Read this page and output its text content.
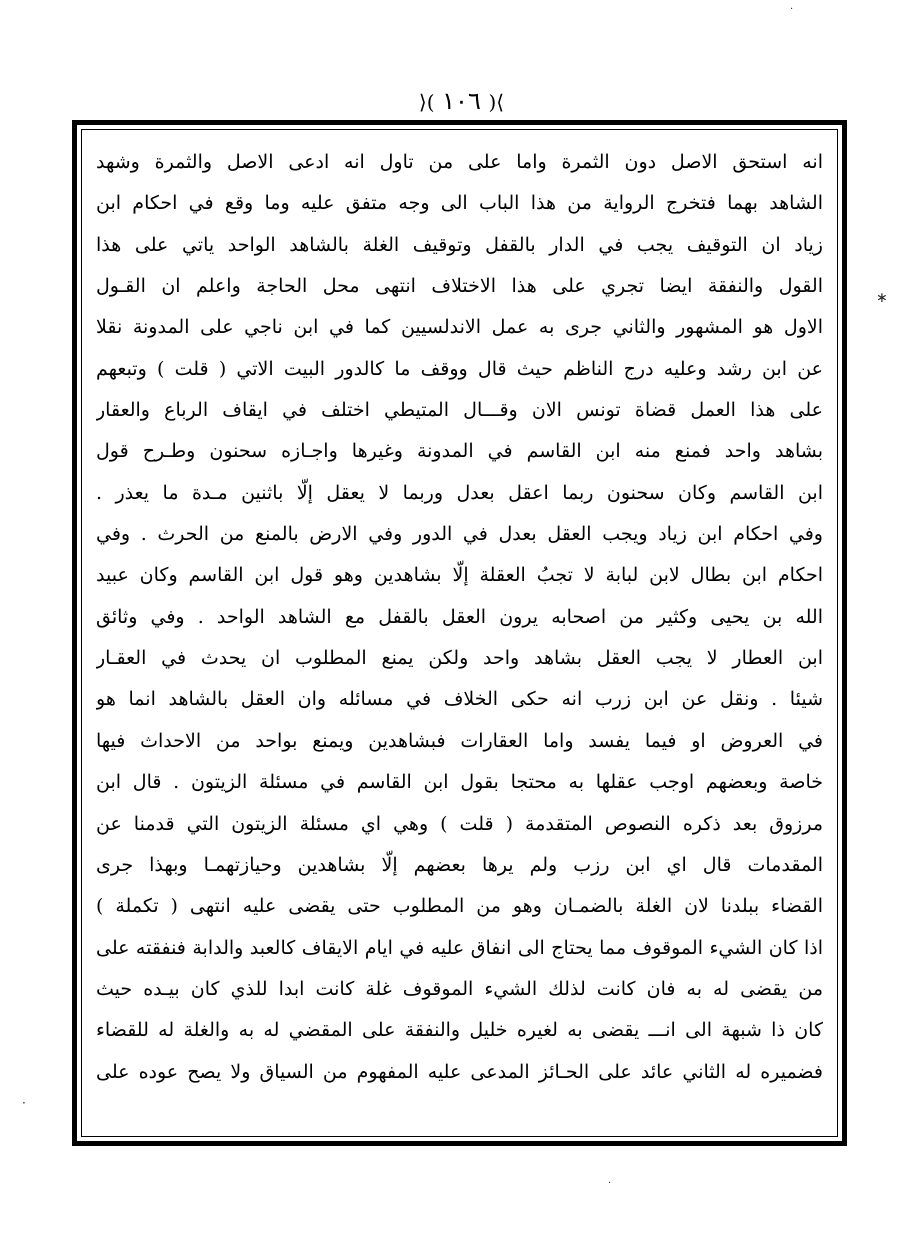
⟩( ١٠٦ )⟨
انه استحق الاصل دون الثمرة واما على من تاول انه ادعى الاصل والثمرة وشهد
الشاهد بهما فتخرج الرواية من هذا الباب الى وجه متفق عليه وما وقع في احكام ابن
زياد ان التوقيف يجب في الدار بالقفل وتوقيف الغلة بالشاهد الواحد ياتي على هذا
القول والنفقة ايضا تجري على هذا الاختلاف انتهى محل الحاجة واعلم ان القـول
الاول هو المشهور والثاني جرى به عمل الاندلسيين كما في ابن ناجي على المدونة نقلا
عن ابن رشد وعليه درج الناظم حيث قال ووقف ما كالدور البيت الاتي ( قلت ) وتبعهم
على هذا العمل قضاة تونس الان وقـــال المتيطي اختلف في ايقاف الرباع والعقار
بشاهد واحد فمنع منه ابن القاسم في المدونة وغيرها واجـازه سحنون وطـرح قول
ابن القاسم وكان سحنون ربما اعقل بعدل وربما لا يعقل إلّا باثنين مـدة ما يعذر .
وفي احكام ابن زياد ويجب العقل بعدل في الدور وفي الارض بالمنع من الحرث . وفي
احكام ابن بطال لابن لبابة لا تجبُ العقلة إلّا بشاهدين وهو قول ابن القاسم وكان عبيد
الله بن يحيى وكثير من اصحابه يرون العقل بالقفل مع الشاهد الواحد . وفي وثائق
ابن العطار لا يجب العقل بشاهد واحد ولكن يمنع المطلوب ان يحدث في العقـار
شيئا . ونقل عن ابن زرب انه حكى الخلاف في مسائله وان العقل بالشاهد انما هو
في العروض او فيما يفسد واما العقارات فبشاهدين ويمنع بواحد من الاحداث فيها
خاصة وبعضهم اوجب عقلها به محتجا بقول ابن القاسم في مسئلة الزيتون . قال ابن
مرزوق بعد ذكره النصوص المتقدمة ( قلت ) وهي اي مسئلة الزيتون التي قدمنا عن
المقدمات قال اي ابن رزب ولم يرها بعضهم إلّا بشاهدين وحيازتهمـا وبهذا جرى
القضاء ببلدنا لان الغلة بالضمـان وهو من المطلوب حتى يقضى عليه انتهى ( تكملة )
اذا كان الشيء الموقوف مما يحتاج الى انفاق عليه في ايام الايقاف كالعبد والدابة فنفقته على
من يقضى له به فان كانت لذلك الشيء الموقوف غلة كانت ابدا للذي كان بيـده حيث
كان ذا شبهة الى انـــ يقضى به لغيره خليل والنفقة على المقضي له به والغلة له للقضاء
فضميره له الثاني عائد على الحـائز المدعى عليه المفهوم من السياق ولا يصح عوده على
∗
·
·
·
